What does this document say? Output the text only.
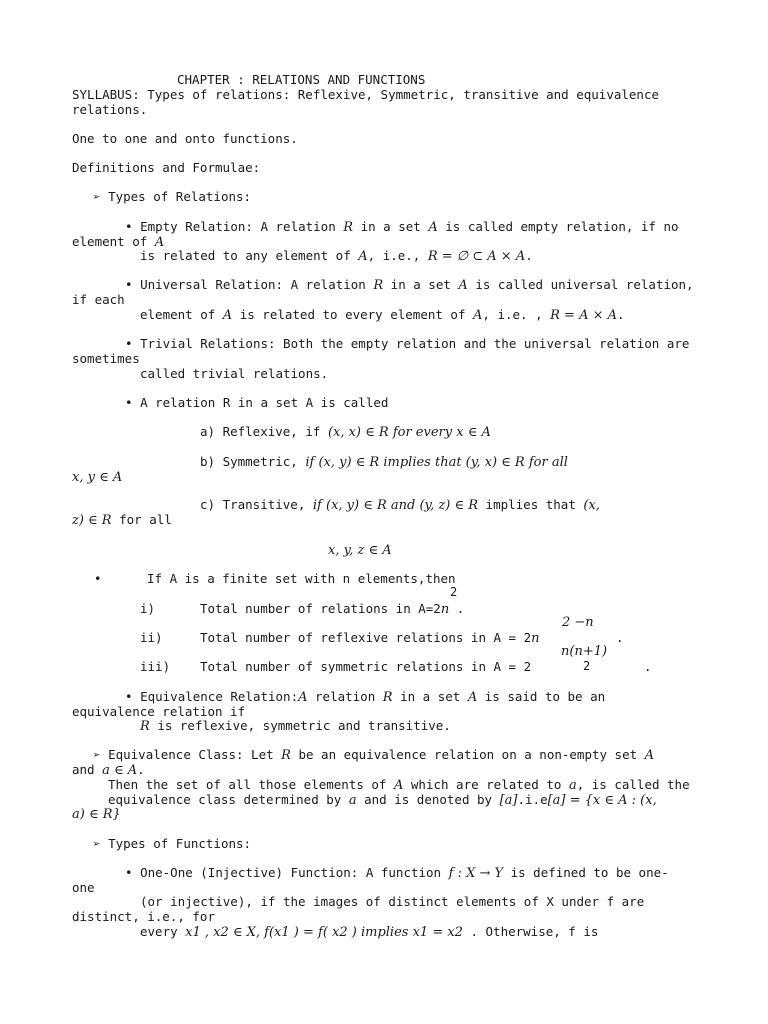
CHAPTER : RELATIONS AND FUNCTIONS
SYLLABUS: Types of relations: Reflexive, Symmetric, transitive and equivalence
relations.
One to one and onto functions.
Definitions and Formulae:
➢ Types of Relations:
• Empty Relation: A relation R in a set A is called empty relation, if no
element of A
is related to any element of A, i.e., R = ∅ ⊂ A × A.
• Universal Relation: A relation R in a set A is called universal relation,
if each
element of A is related to every element of A, i.e. , R = A × A.
• Trivial Relations: Both the empty relation and the universal relation are
sometimes
called trivial relations.
• A relation R in a set A is called
a) Reflexive, if (x, x) ∈ R for every x ∈ A
b) Symmetric, if (x, y) ∈ R implies that (y, x) ∈ R for all
x, y ∈ A
c) Transitive, if (x, y) ∈ R and (y, z) ∈ R implies that (x,
z) ∈ R for all
x, y, z ∈ A
•	If A is a finite set with n elements,then
2
i)	Total number of relations in A=2n .
2 −n
ii)	Total number of reflexive relations in A = 2n	.
n(n+1)
iii) Total number of symmetric relations in A = 2	2	.
• Equivalence Relation:A relation R in a set A is said to be an
equivalence relation if
R is reflexive, symmetric and transitive.
➢ Equivalence Class: Let R be an equivalence relation on a non-empty set A
and a ∈ A.
Then the set of all those elements of A which are related to a, is called the
equivalence class determined by a and is denoted by [a].i.e[a] = {x ∈ A : (x,
a) ∈ R}
➢ Types of Functions:
• One-One (Injective) Function: A function f : X → Y is defined to be one-
one
(or injective), if the images of distinct elements of X under f are
distinct, i.e., for
every x1 , x2 ∈ X, f(x1 ) = f( x2 ) implies x1 = x2 . Otherwise, f is
